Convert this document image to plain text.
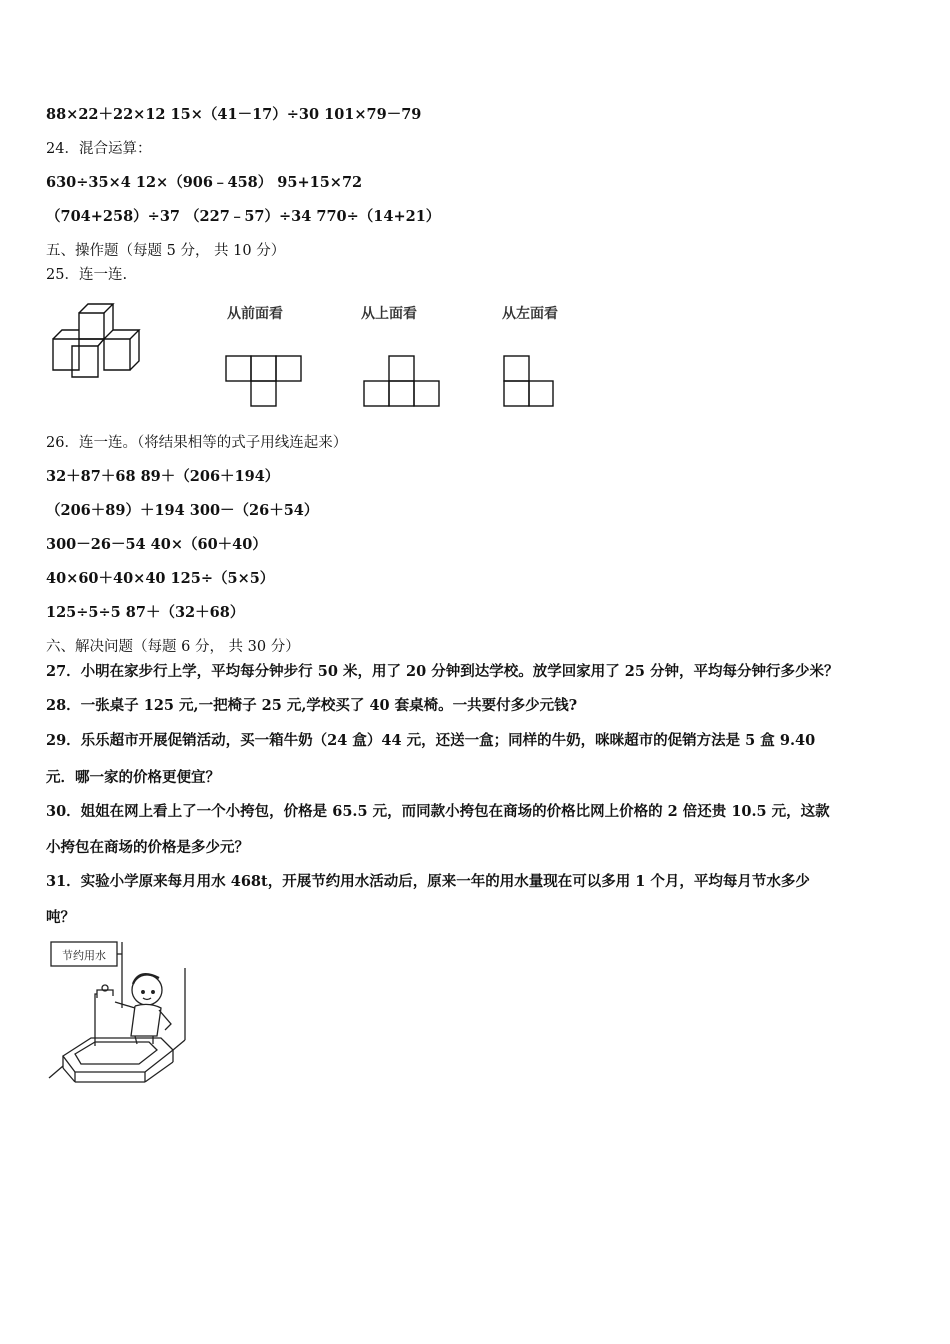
88×22＋22×12 15×（41－17）÷30 101×79－79
24．混合运算：
630÷35×4 12×（906﹣458） 95+15×72
（704+258）÷37 （227﹣57）÷34 770÷（14+21）
五、操作题（每题 5 分， 共 10 分）
25．连一连.
从前面看	从上面看	从左面看
26．连一连。（将结果相等的式子用线连起来）
32＋87＋68 89＋（206＋194）
（206＋89）＋194 300－（26＋54）
300－26－54 40×（60＋40）
40×60＋40×40 125÷（5×5）
125÷5÷5 87＋（32＋68）
六、解决问题（每题 6 分， 共 30 分）
27．小明在家步行上学，平均每分钟步行 50 米，用了 20 分钟到达学校。放学回家用了 25 分钟，平均每分钟行多少米？
28．一张桌子 125 元,一把椅子 25 元,学校买了 40 套桌椅。一共要付多少元钱?
29．乐乐超市开展促销活动，买一箱牛奶（24 盒）44 元，还送一盒；同样的牛奶，咪咪超市的促销方法是 5 盒 9.40
元．哪一家的价格更便宜？
30．姐姐在网上看上了一个小挎包，价格是 65.5 元，而同款小挎包在商场的价格比网上价格的 2 倍还贵 10.5 元，这款
小挎包在商场的价格是多少元？
31．实验小学原来每月用水 468t，开展节约用水活动后，原来一年的用水量现在可以多用 1 个月，平均每月节水多少
吨？
节约用水
